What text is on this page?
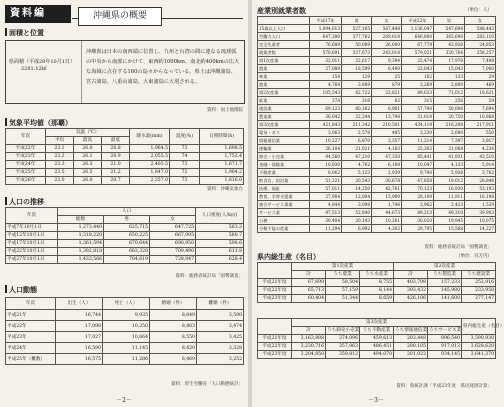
資料編	沖縄県の概要
面積と位置
県面積（平成28年10月1日）
2281.12㎢
沖縄県は日本の南西端に位置し、九州と台湾の間に連なる琉球弧の中央から南部にかけて、東西約1000km、南北約400kmの広大な海域に点在する160の島々からなっている。県土は沖縄諸島、宮古諸島、八重山諸島、大東諸島に大別される。
資料：国土地理院
気象平均値（那覇）
年次	気温（℃）			降水量(mm)	湿度(%)	日照時間(h)
	平均	最高	最低			
平成22年	23.1	26.0	20.8	1,964.5	73	1,698.5
平成23年	23.2	26.1	20.9	2,055.5	74	1,752.4
平成24年	23.3	26.3	21.0	2,403.5	73	1,671.7
平成25年	23.5	26.5	21.2	1,847.0	72	1,904.2
平成26年	23.0	26.0	20.7	2,357.0	73	1,816.0
資料：沖縄気象台
人口の推移
年次	人口			人口密度(人/k㎡)
	総数	男	女	
平成7年10月1日	1,273,440	625,715	647,725	563.3
平成12年10月1日	1,318,220	650,225	667,995	580.7
平成17年10月1日	1,361,594	670,644	690,950	598.6
平成22年10月1日	1,392,818	683,328	709,490	611.9
平成27年10月1日	1,433,566	704,619	728,947	628.4
資料：総務省統計局「国勢調査」
人口動態
年次	出生（人）	死亡（人）	婚姻（件）	離婚（件）
平成21年	16,744	9,935	8,649	3,590
平成22年	17,098	10,250	8,863	3,474
平成23年	17,027	10,664	8,550	3,425
平成24年	16,590	11,145	8,420	3,328
平成25年（概数）	16,575	11,286	8,469	3,252
資料：厚生労働省「人口動態統計」
－2－
産業別就業者数	（単位：人）
	平成17年	男	女	平成22年	男	女
15歳以上人口	1,094,613	527,165	567,448	1,136,047	547,604	588,443
労働力人口	647,380	377,762	269,618	646,800	363,690	283,110
完全失業者	76,689	50,089	26,600	67,779	42,926	24,853
就業者数	570,691	327,673	243,018	579,021	320,764	258,257
第1次産業	32,011	22,617	9,394	25,474	17,976	7,498
農業	27,089	18,599	8,490	22,043	15,043	7,000
林業	154	129	25	162	133	29
漁業	4,768	3,889	879	3,269	2,800	469
第2次産業	105,543	82,722	22,821	89,633	71,012	18,621
鉱業	378	316	62	315	256	59
建設業	69,123	60,162	8,961	57,700	50,006	7,694
製造業	36,042	22,244	13,798	31,618	20,750	10,868
第3次産業	421,843	211,342	210,501	434,119	216,208	217,911
電気・ガス	3,063	2,578	485	3,230	2,680	550
情報通信業	10,227	6,870	3,357	11,214	7,397	3,817
運輸業	26,104	21,921	4,183	25,302	21,068	4,234
卸売・小売業	94,560	47,210	47,350	85,441	41,931	43,510
金融・保険業	10,930	4,762	6,168	10,047	4,133	5,914
不動産業	8,062	5,123	2,939	9,700	5,938	3,762
飲食店、宿泊業	51,221	20,543	30,678	47,858	19,012	28,846
医療、福祉	57,011	14,250	42,761	70,123	16,930	53,193
教育、学習支援業	27,904	12,004	15,900	28,109	11,911	16,198
複合サービス事業	4,844	3,098	1,746	3,962	2,423	1,539
サービス業	97,513	52,840	44,673	89,213	49,310	39,903
公務	30,404	20,143	10,261	30,020	19,945	10,075
分類不能の産業	11,294	6,992	4,302	29,795	15,568	14,227
資料：総務省統計局「国勢調査」
県内総生産（名目）	（単位：百万円）
	第1次産業			第2次産業		
	計	うち農業	うち水産業	計	うち製造業	うち建設業
平成21年度	67,699	58,504	8,755	403,798	157,233	252,916
平成22年度	65,713	57,159	8,144	393,432	145,980	233,958
平成23年度	60,404	51,344	8,659	426,106	141,600	277,147
	第3次産業					県内総生産（名目）
	計	うち卸売小売業	うち不動産業	うち情報通信業	うちサービス業	
平成21年度	3,163,888	374,096	459,613	203,448	896,540	3,590,930
平成22年度	3,230,716	357,063	486,451	200,105	917,013	3,628,620
平成23年度	3,204,850	359,812	494,070	201,022	934,145	3,641,370
資料：県統計課「平成23年度　県民経済計算」
－3－
